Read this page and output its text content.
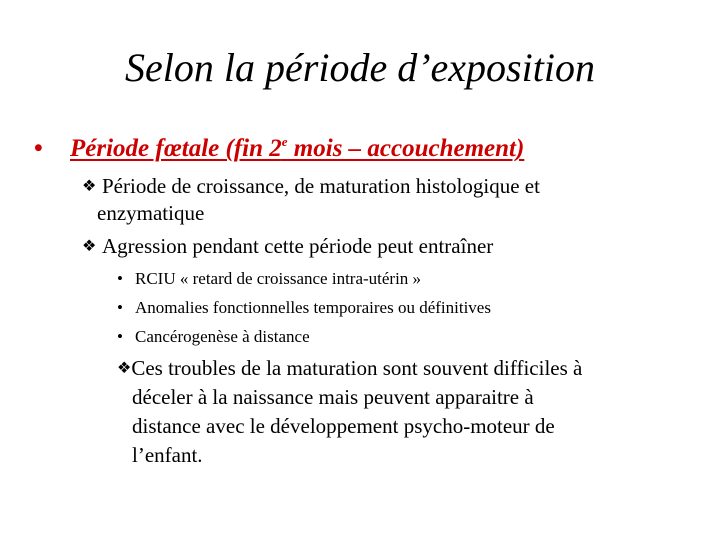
Selon la période d’exposition
• Période fœtale (fin 2e mois – accouchement)
❖ Période de croissance, de maturation histologique et
enzymatique
❖ Agression pendant cette période peut entraîner
• RCIU « retard de croissance intra-utérin »
• Anomalies fonctionnelles temporaires ou définitives
• Cancérogenèse à distance
❖Ces troubles de la maturation sont souvent difficiles à
déceler à la naissance mais peuvent apparaitre à
distance avec le développement psycho-moteur de
l’enfant.
